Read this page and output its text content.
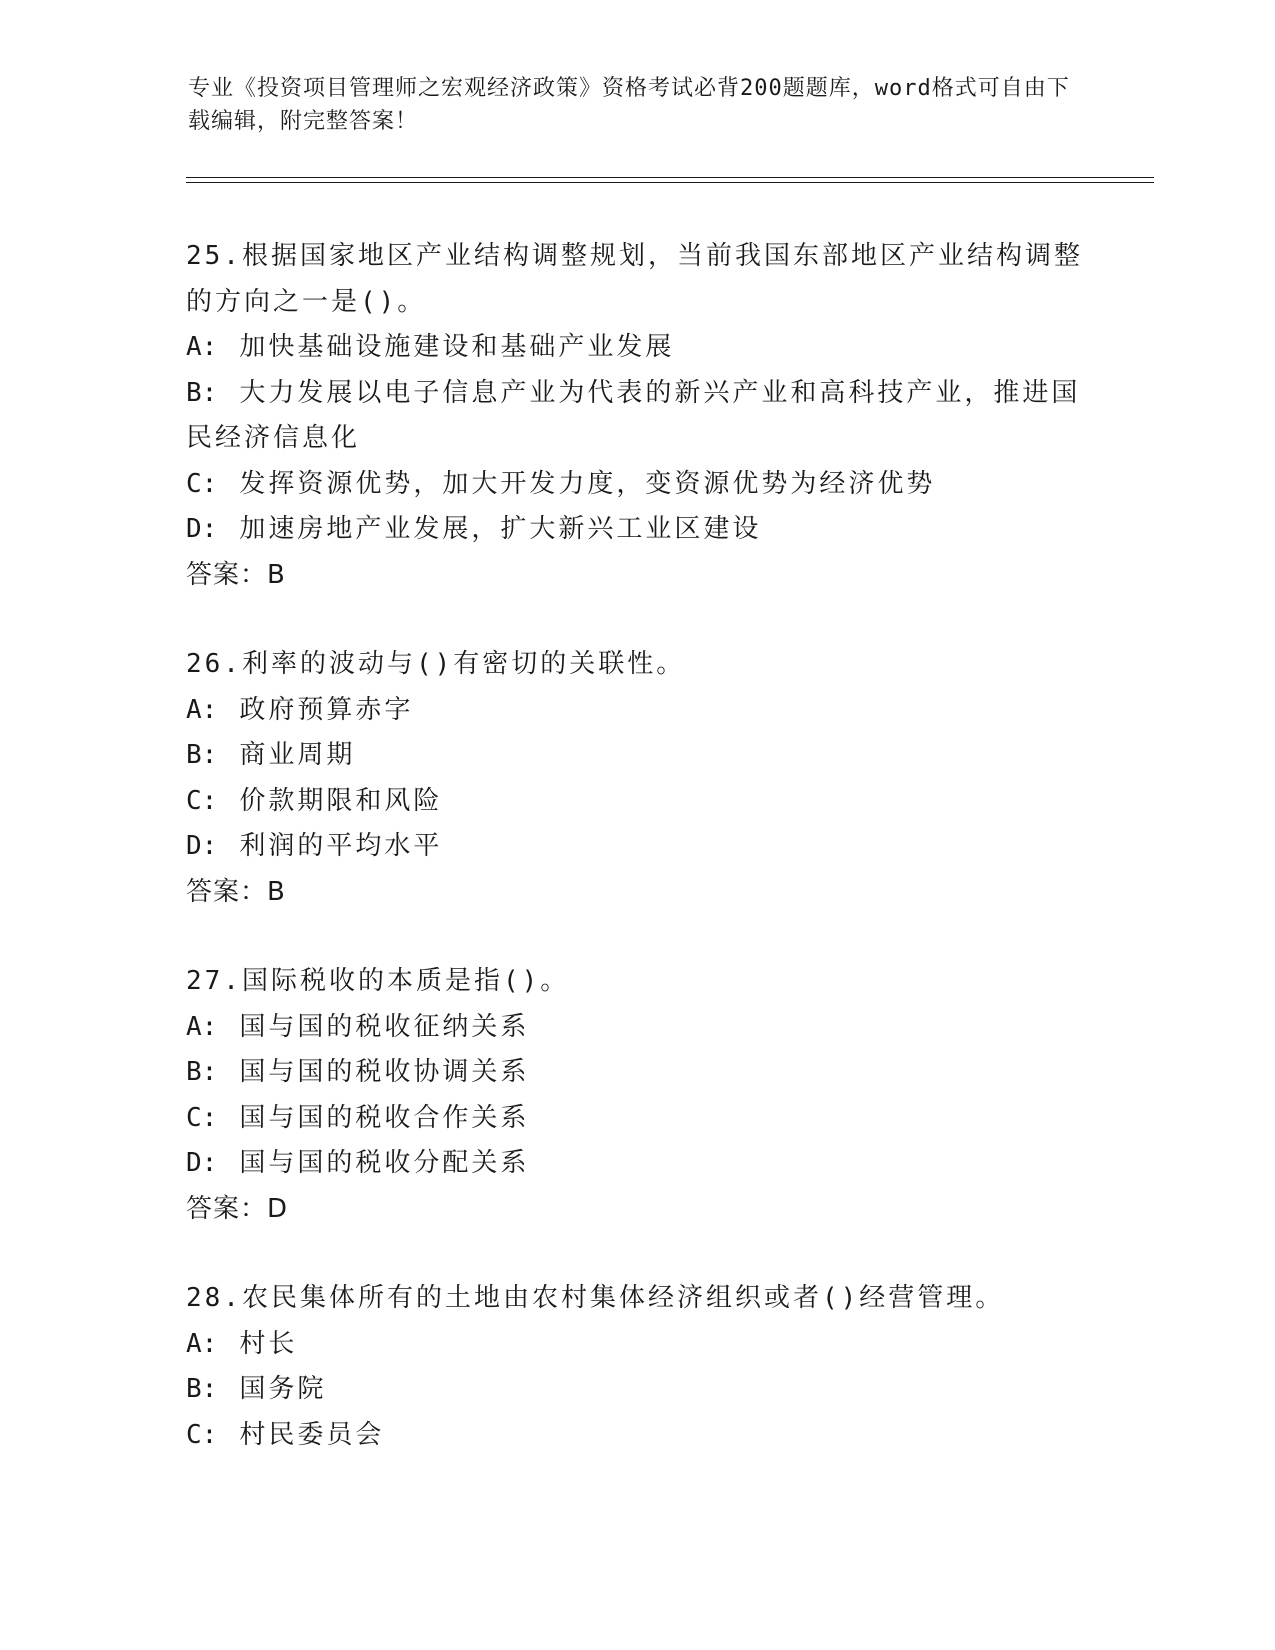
专业《投资项目管理师之宏观经济政策》资格考试必背200题题库，word格式可自由下载编辑，附完整答案！
25.根据国家地区产业结构调整规划，当前我国东部地区产业结构调整的方向之一是()。
A: 加快基础设施建设和基础产业发展
B: 大力发展以电子信息产业为代表的新兴产业和高科技产业，推进国民经济信息化
C: 发挥资源优势，加大开发力度，变资源优势为经济优势
D: 加速房地产业发展，扩大新兴工业区建设
答案：B
26.利率的波动与()有密切的关联性。
A: 政府预算赤字
B: 商业周期
C: 价款期限和风险
D: 利润的平均水平
答案：B
27.国际税收的本质是指()。
A: 国与国的税收征纳关系
B: 国与国的税收协调关系
C: 国与国的税收合作关系
D: 国与国的税收分配关系
答案：D
28.农民集体所有的土地由农村集体经济组织或者()经营管理。
A: 村长
B: 国务院
C: 村民委员会
